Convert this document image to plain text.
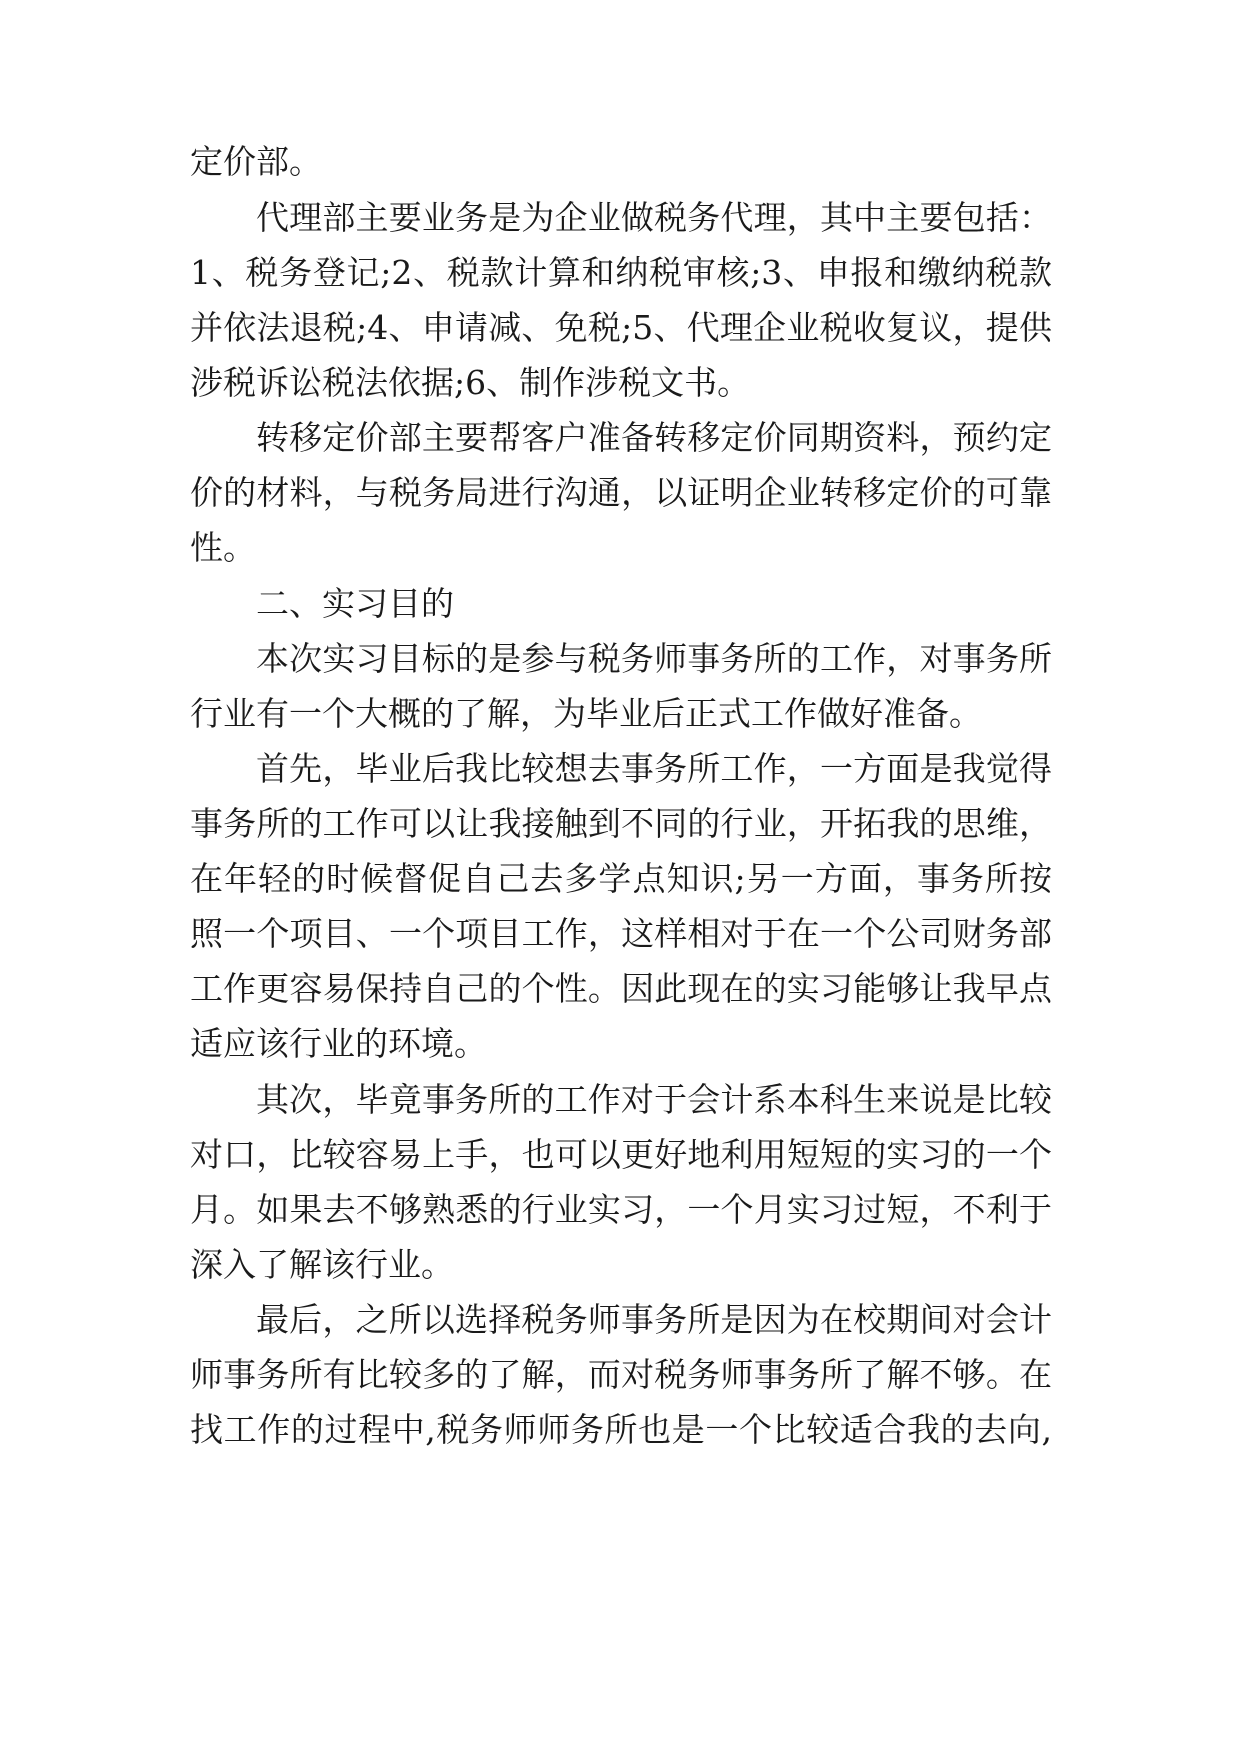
定价部。
代理部主要业务是为企业做税务代理，其中主要包括：
1、税务登记;2、税款计算和纳税审核;3、申报和缴纳税款
并依法退税;4、申请减、免税;5、代理企业税收复议，提供
涉税诉讼税法依据;6、制作涉税文书。
转移定价部主要帮客户准备转移定价同期资料，预约定
价的材料，与税务局进行沟通，以证明企业转移定价的可靠
性。
二、实习目的
本次实习目标的是参与税务师事务所的工作，对事务所
行业有一个大概的了解，为毕业后正式工作做好准备。
首先，毕业后我比较想去事务所工作，一方面是我觉得
事务所的工作可以让我接触到不同的行业，开拓我的思维，
在年轻的时候督促自己去多学点知识;另一方面，事务所按
照一个项目、一个项目工作，这样相对于在一个公司财务部
工作更容易保持自己的个性。因此现在的实习能够让我早点
适应该行业的环境。
其次，毕竟事务所的工作对于会计系本科生来说是比较
对口，比较容易上手，也可以更好地利用短短的实习的一个
月。如果去不够熟悉的行业实习，一个月实习过短，不利于
深入了解该行业。
最后，之所以选择税务师事务所是因为在校期间对会计
师事务所有比较多的了解，而对税务师事务所了解不够。在
找工作的过程中,税务师师务所也是一个比较适合我的去向,
